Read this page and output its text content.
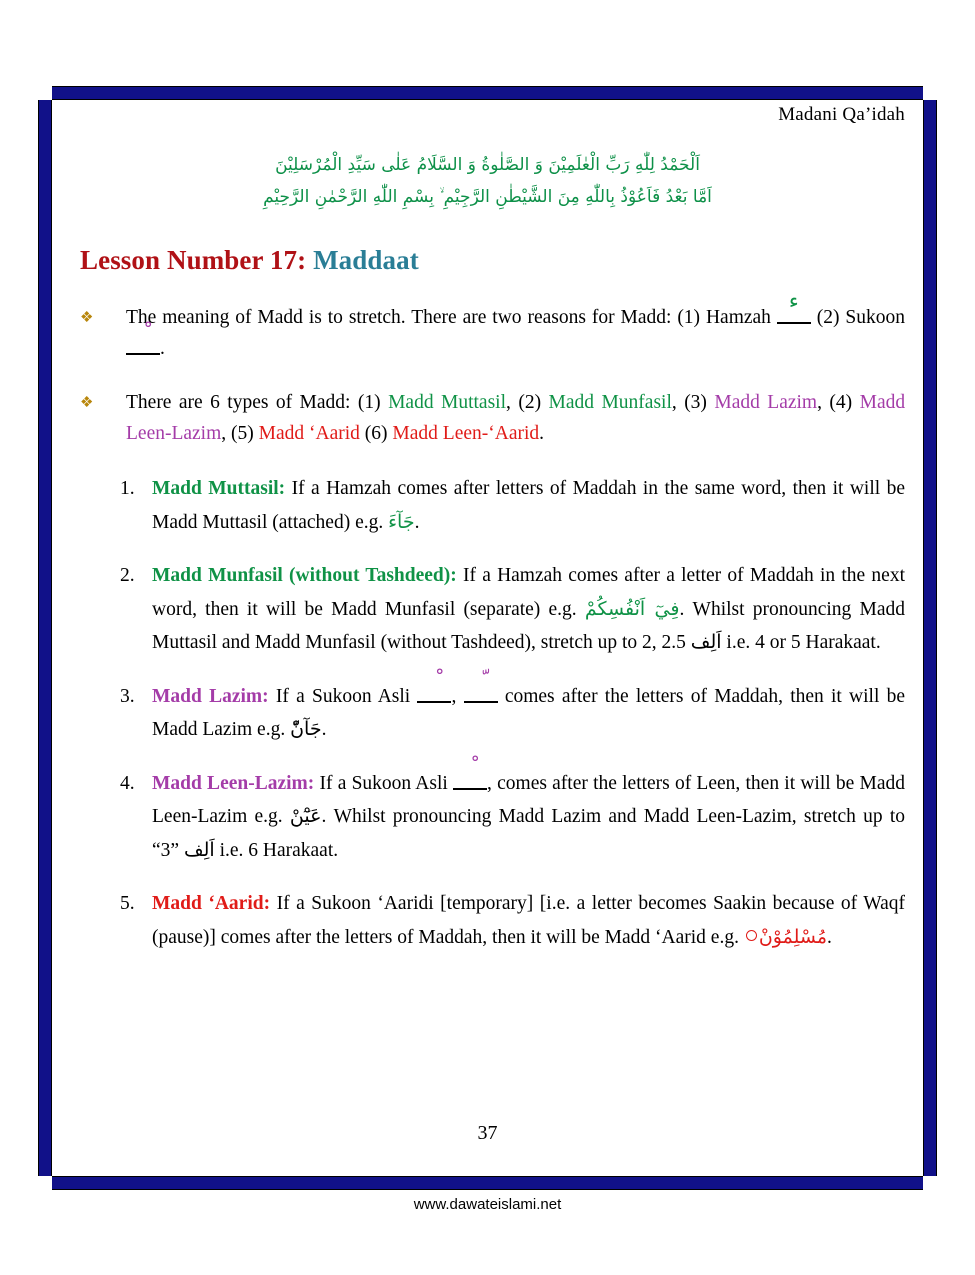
Madani Qa’idah
اَلْحَمْدُ لِلّٰهِ رَبِّ الْعٰلَمِيْنَ وَ الصَّلٰوةُ وَ السَّلَامُ عَلٰى سَيِّدِ الْمُرْسَلِيْنَ
اَمَّا بَعْدُ فَاَعُوْذُ بِاللّٰهِ مِنَ الشَّيْطٰنِ الرَّجِيْمِ ۙ بِسْمِ اللّٰهِ الرَّحْمٰنِ الرَّحِيْمِ
Lesson Number 17: Maddaat
❖	The meaning of Madd is to stretch. There are two reasons for Madd: (1) Hamzah
ء
(2) Sukoon
.
❖	There are 6 types of Madd: (1) Madd Muttasil, (2) Madd Munfasil, (3) Madd Lazim, (4) Madd Leen-Lazim, (5) Madd ‘Aarid (6) Madd Leen-‘Aarid.
1. Madd Muttasil: If a Hamzah comes after letters of Maddah in the same word, then it will be Madd Muttasil (attached) e.g. جَآءَ.
2. Madd Munfasil (without Tashdeed): If a Hamzah comes after a letter of Maddah in the next word, then it will be Madd Munfasil (separate) e.g. فِيٓ اَنْفُسِكُمْ. Whilst pronouncing Madd Muttasil and Madd Munfasil (without Tashdeed), stretch up to 2, 2.5 اَلِف i.e. 4 or 5 Harakaat.
3. Madd Lazim: If a Sukoon Asli , comes after the letters of Maddah, then it will be Madd Lazim e.g. جَآنّْ.
4. Madd Leen-Lazim: If a Sukoon Asli , comes after the letters of Leen, then it will be Madd Leen-Lazim e.g. عَيْٓنْ. Whilst pronouncing Madd Lazim and Madd Leen-Lazim, stretch up to “3” اَلِف i.e. 6 Harakaat.
5. Madd ‘Aarid: If a Sukoon ‘Aaridi [temporary] [i.e. a letter becomes Saakin because of Waqf (pause)] comes after the letters of Maddah, then it will be Madd ‘Aarid e.g. مُسْلِمُوْنْ.
37
www.dawateislami.net
